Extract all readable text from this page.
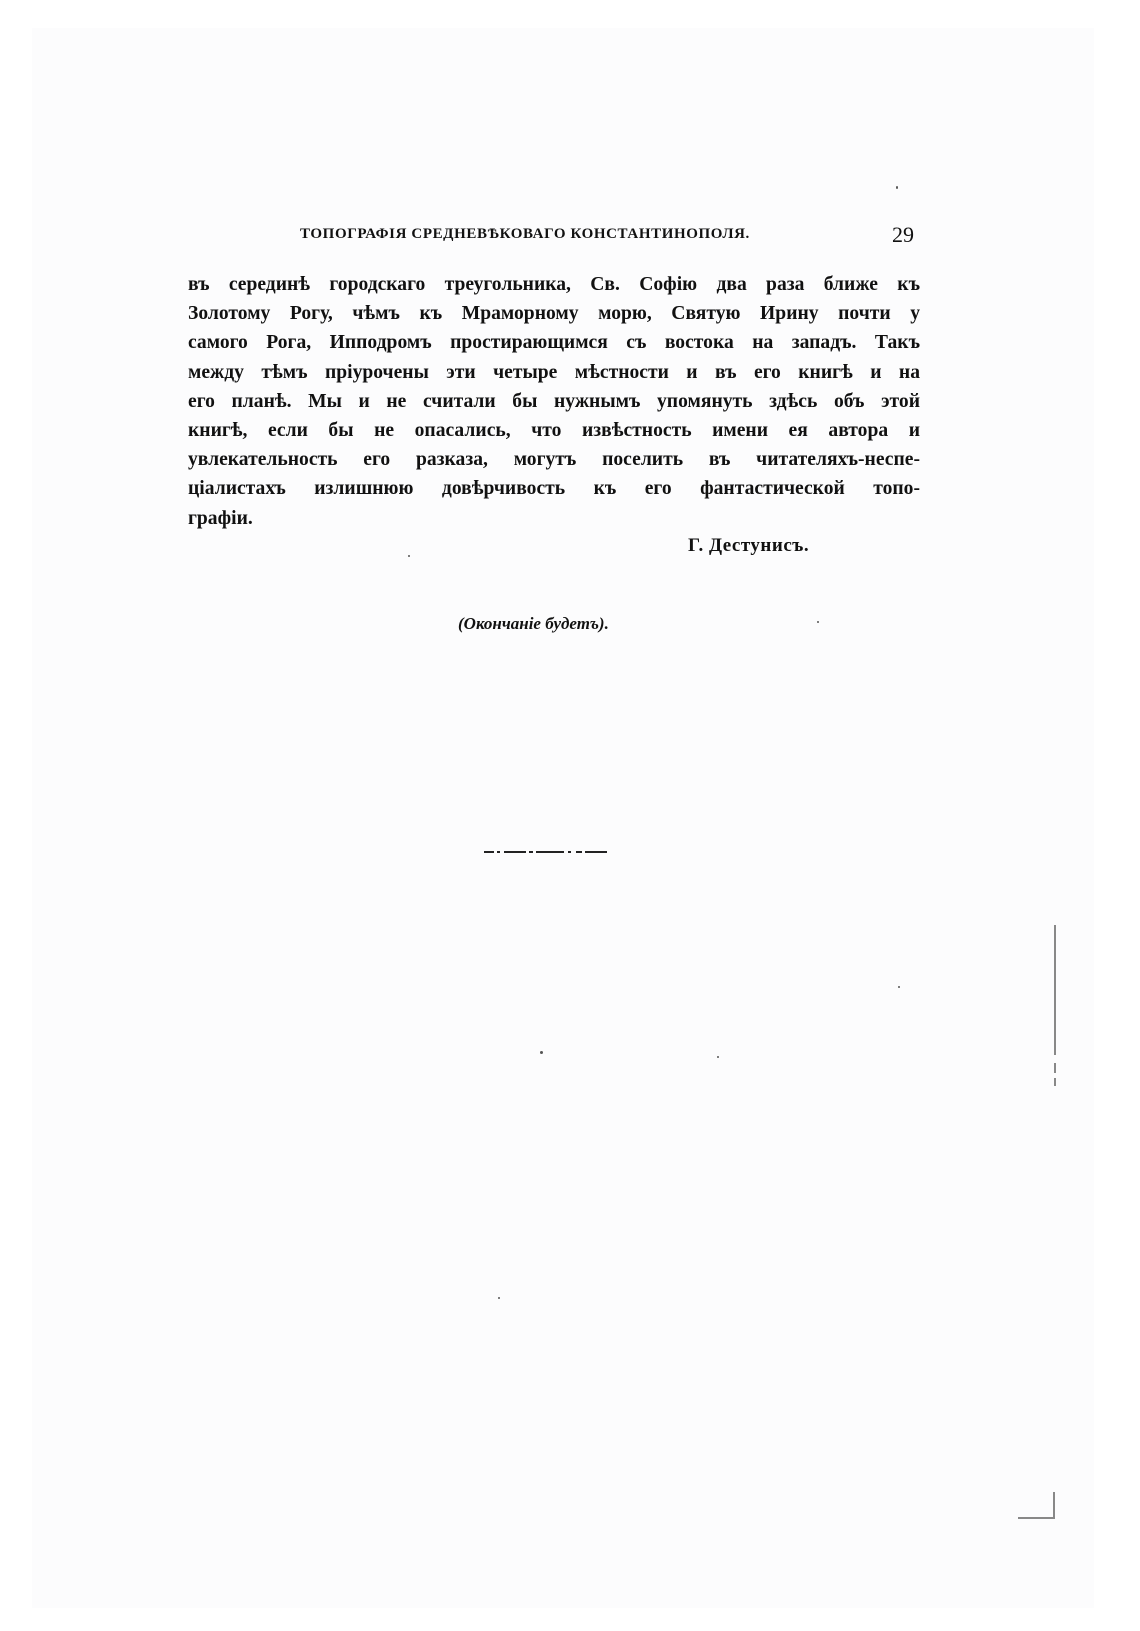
ТОПОГРАФІЯ СРЕДНЕВѢКОВАГО КОНСТАНТИНОПОЛЯ.	29

въ серединѣ городскаго треугольника, Св. Софію два раза ближе къ
Золотому Рогу, чѣмъ къ Мраморному морю, Святую Ирину почти у
самого Рога, Ипподромъ простирающимся съ востока на западъ. Такъ
между тѣмъ пріурочены эти четыре мѣстности и въ его книгѣ и на
его планѣ. Мы и не считали бы нужнымъ упомянуть здѣсь объ этой
книгѣ, если бы не опасались, что извѣстность имени ея автора и
увлекательность его разказа, могутъ поселить въ читателяхъ-неспе-
ціалистахъ излишнюю довѣрчивость къ его фантастической топо-
графіи.

Г. Дестунисъ.
(Окончаніе будетъ).
